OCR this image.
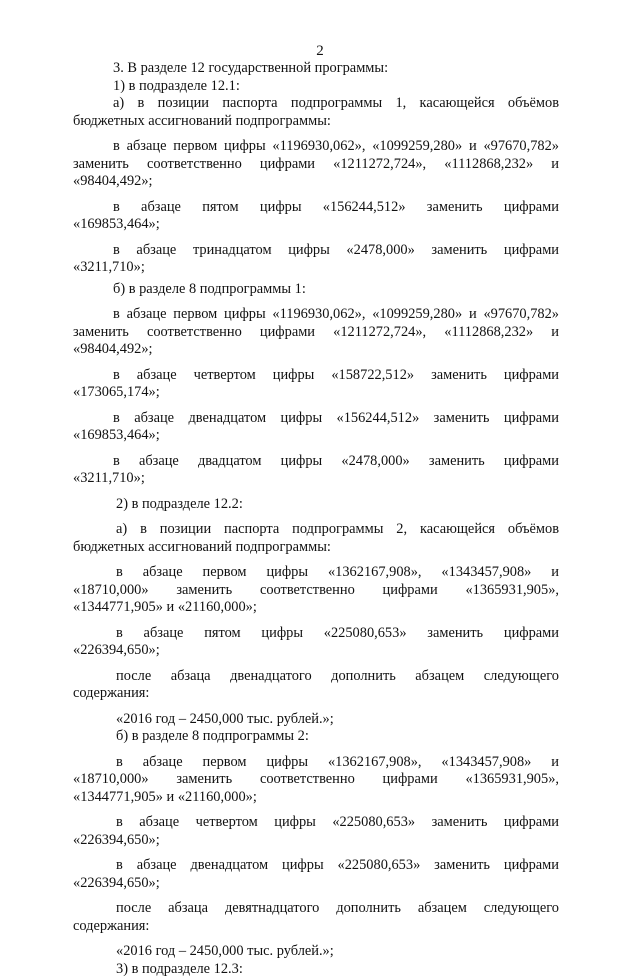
2
3. В разделе 12 государственной программы:
1) в подразделе 12.1:
а) в позиции паспорта подпрограммы 1, касающейся объёмов
бюджетных ассигнований подпрограммы:
в абзаце первом цифры «1196930,062», «1099259,280» и «97670,782»
заменить соответственно цифрами «1211272,724», «1112868,232» и
«98404,492»;
в абзаце пятом цифры «156244,512» заменить цифрами
«169853,464»;
в абзаце тринадцатом цифры «2478,000» заменить цифрами
«3211,710»;
б) в разделе 8 подпрограммы 1:
в абзаце первом цифры «1196930,062», «1099259,280» и «97670,782»
заменить соответственно цифрами «1211272,724», «1112868,232» и
«98404,492»;
в абзаце четвертом цифры «158722,512» заменить цифрами
«173065,174»;
в абзаце двенадцатом цифры «156244,512» заменить цифрами
«169853,464»;
в абзаце двадцатом цифры «2478,000» заменить цифрами
«3211,710»;
2) в подразделе 12.2:
а) в позиции паспорта подпрограммы 2, касающейся объёмов
бюджетных ассигнований подпрограммы:
в абзаце первом цифры «1362167,908», «1343457,908» и
«18710,000» заменить соответственно цифрами «1365931,905»,
«1344771,905» и «21160,000»;
в абзаце пятом цифры «225080,653» заменить цифрами
«226394,650»;
после абзаца двенадцатого дополнить абзацем следующего
содержания:
«2016 год – 2450,000 тыс. рублей.»;
б) в разделе 8 подпрограммы 2:
в абзаце первом цифры «1362167,908», «1343457,908» и
«18710,000» заменить соответственно цифрами «1365931,905»,
«1344771,905» и «21160,000»;
в абзаце четвертом цифры «225080,653» заменить цифрами
«226394,650»;
в абзаце двенадцатом цифры «225080,653» заменить цифрами
«226394,650»;
после абзаца девятнадцатого дополнить абзацем следующего
содержания:
«2016 год – 2450,000 тыс. рублей.»;
3) в подразделе 12.3:
